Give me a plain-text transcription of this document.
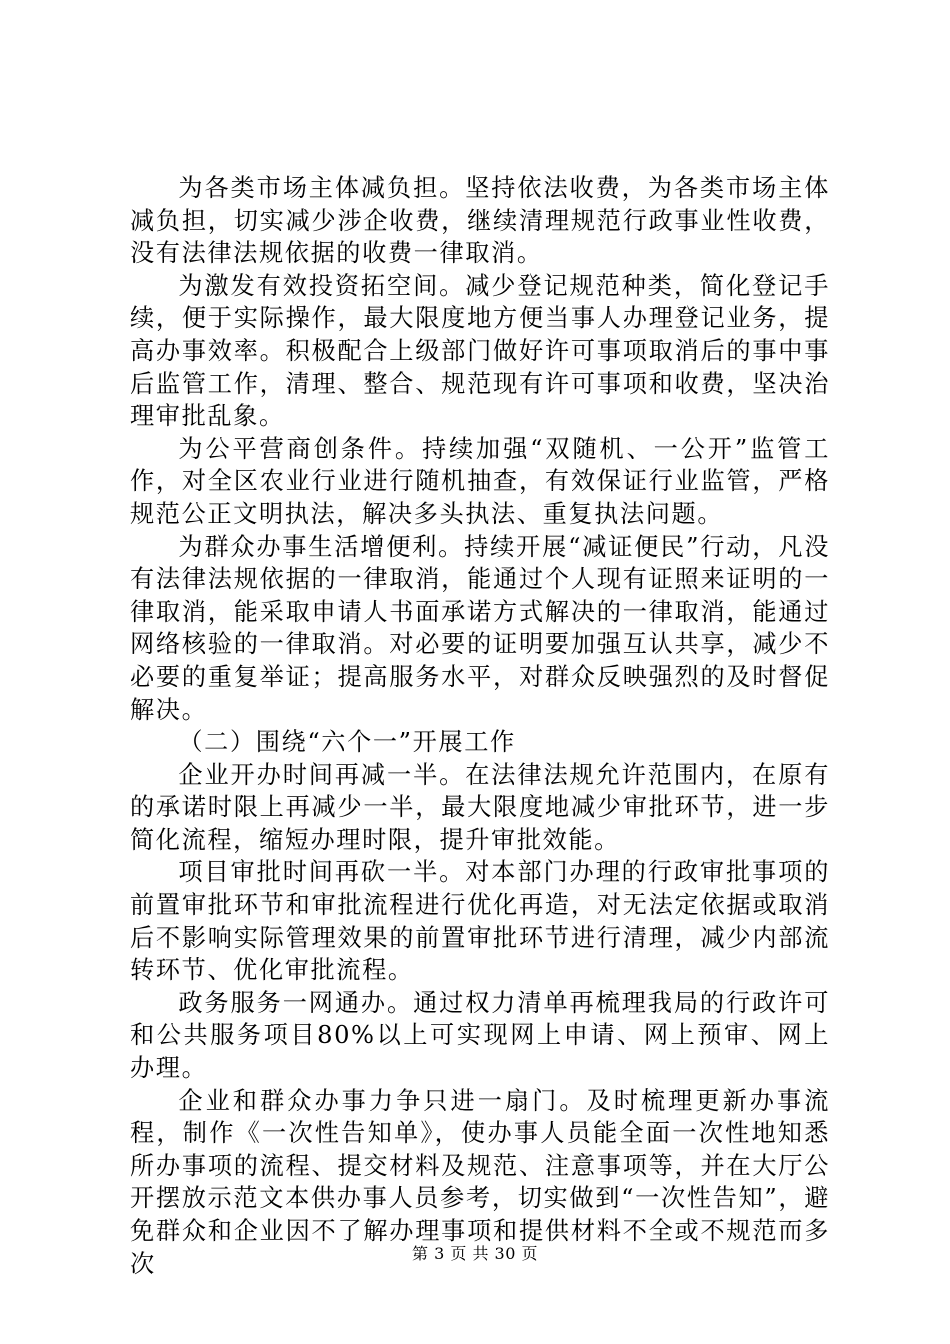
为各类市场主体减负担。坚持依法收费，为各类市场主体减负担，切实减少涉企收费，继续清理规范行政事业性收费，没有法律法规依据的收费一律取消。

为激发有效投资拓空间。减少登记规范种类，简化登记手续，便于实际操作，最大限度地方便当事人办理登记业务，提高办事效率。积极配合上级部门做好许可事项取消后的事中事后监管工作，清理、整合、规范现有许可事项和收费，坚决治理审批乱象。

为公平营商创条件。持续加强“双随机、一公开”监管工作，对全区农业行业进行随机抽查，有效保证行业监管，严格规范公正文明执法，解决多头执法、重复执法问题。

为群众办事生活增便利。持续开展“减证便民”行动，凡没有法律法规依据的一律取消，能通过个人现有证照来证明的一律取消，能采取申请人书面承诺方式解决的一律取消，能通过网络核验的一律取消。对必要的证明要加强互认共享，减少不必要的重复举证；提高服务水平，对群众反映强烈的及时督促解决。

（二）围绕“六个一”开展工作

企业开办时间再减一半。在法律法规允许范围内，在原有的承诺时限上再减少一半，最大限度地减少审批环节，进一步简化流程，缩短办理时限，提升审批效能。

项目审批时间再砍一半。对本部门办理的行政审批事项的前置审批环节和审批流程进行优化再造，对无法定依据或取消后不影响实际管理效果的前置审批环节进行清理，减少内部流转环节、优化审批流程。

政务服务一网通办。通过权力清单再梳理我局的行政许可和公共服务项目80%以上可实现网上申请、网上预审、网上办理。

企业和群众办事力争只进一扇门。及时梳理更新办事流程，制作《一次性告知单》，使办事人员能全面一次性地知悉所办事项的流程、提交材料及规范、注意事项等，并在大厅公开摆放示范文本供办事人员参考，切实做到“一次性告知”，避免群众和企业因不了解办理事项和提供材料不全或不规范而多次	第 3 页 共 30 页
